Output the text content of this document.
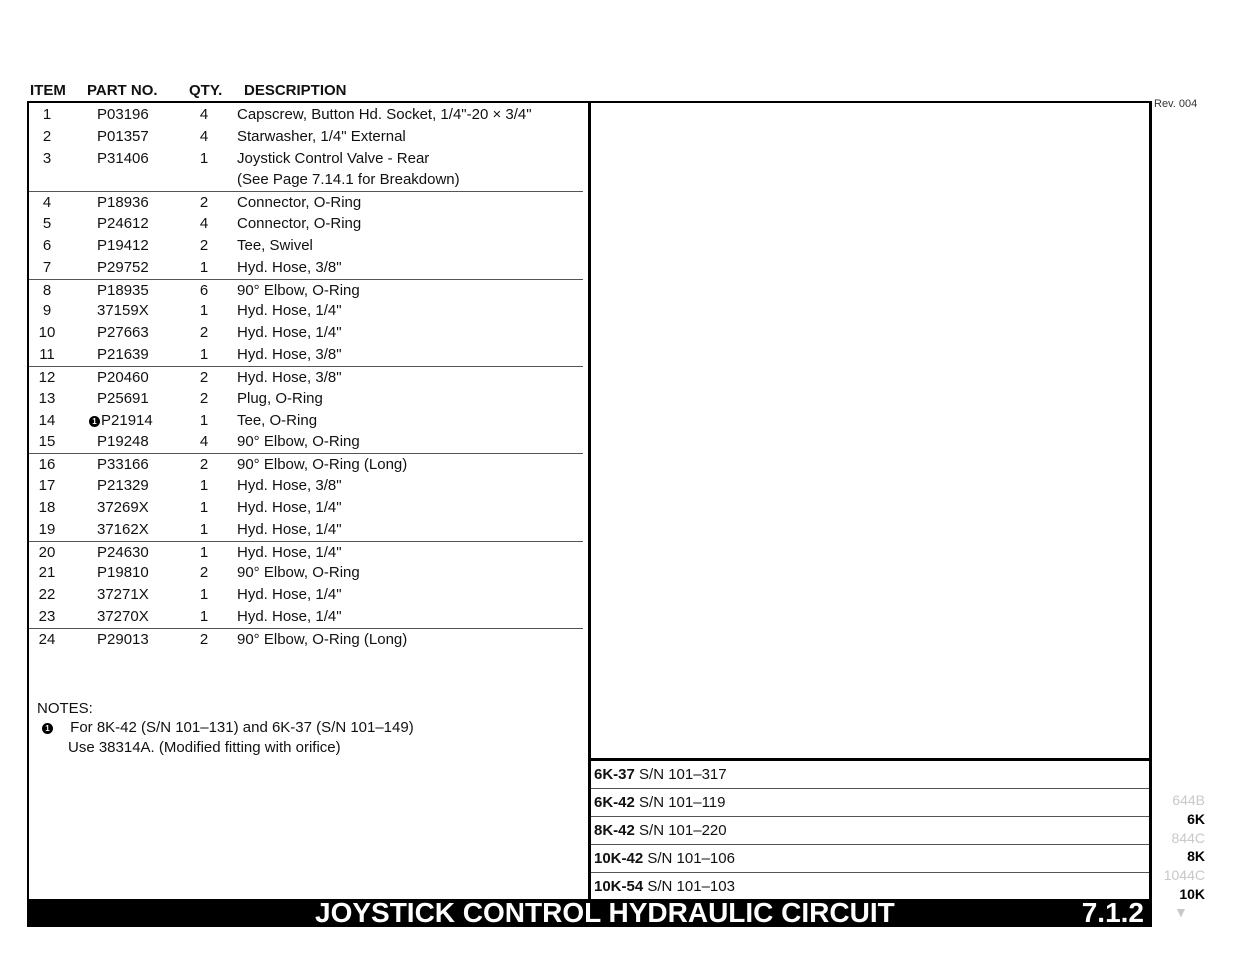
ITEM PART NO. QTY. DESCRIPTION
1	P03196	4	Capscrew, Button Hd. Socket, 1/4"-20 × 3/4"
2	P01357	4	Starwasher, 1/4" External
3	P31406	1	Joystick Control Valve - Rear
(See Page 7.14.1 for Breakdown)
4	P18936	2	Connector, O-Ring
5	P24612	4	Connector, O-Ring
6	P19412	2	Tee, Swivel
7	P29752	1	Hyd. Hose, 3/8"
8	P18935	6	90° Elbow, O-Ring
9	37159X	1	Hyd. Hose, 1/4"
10	P27663	2	Hyd. Hose, 1/4"
11	P21639	1	Hyd. Hose, 3/8"
12	P20460	2	Hyd. Hose, 3/8"
13	P25691	2	Plug, O-Ring
14	1 P21914	1	Tee, O-Ring
15	P19248	4	90° Elbow, O-Ring
16	P33166	2	90° Elbow, O-Ring (Long)
17	P21329	1	Hyd. Hose, 3/8"
18	37269X	1	Hyd. Hose, 1/4"
19	37162X	1	Hyd. Hose, 1/4"
20	P24630	1	Hyd. Hose, 1/4"
21	P19810	2	90° Elbow, O-Ring
22	37271X	1	Hyd. Hose, 1/4"
23	37270X	1	Hyd. Hose, 1/4"
24	P29013	2	90° Elbow, O-Ring (Long)
NOTES:
1 For 8K-42 (S/N 101–131) and 6K-37 (S/N 101–149)
Use 38314A. (Modified fitting with orifice)
6K-37 S/N 101–317
6K-42 S/N 101–119
8K-42 S/N 101–220
10K-42 S/N 101–106
10K-54 S/N 101–103
JOYSTICK CONTROL HYDRAULIC CIRCUIT	7.1.2
Rev. 004
644B
6K
844C
8K
1044C
10K
▼
